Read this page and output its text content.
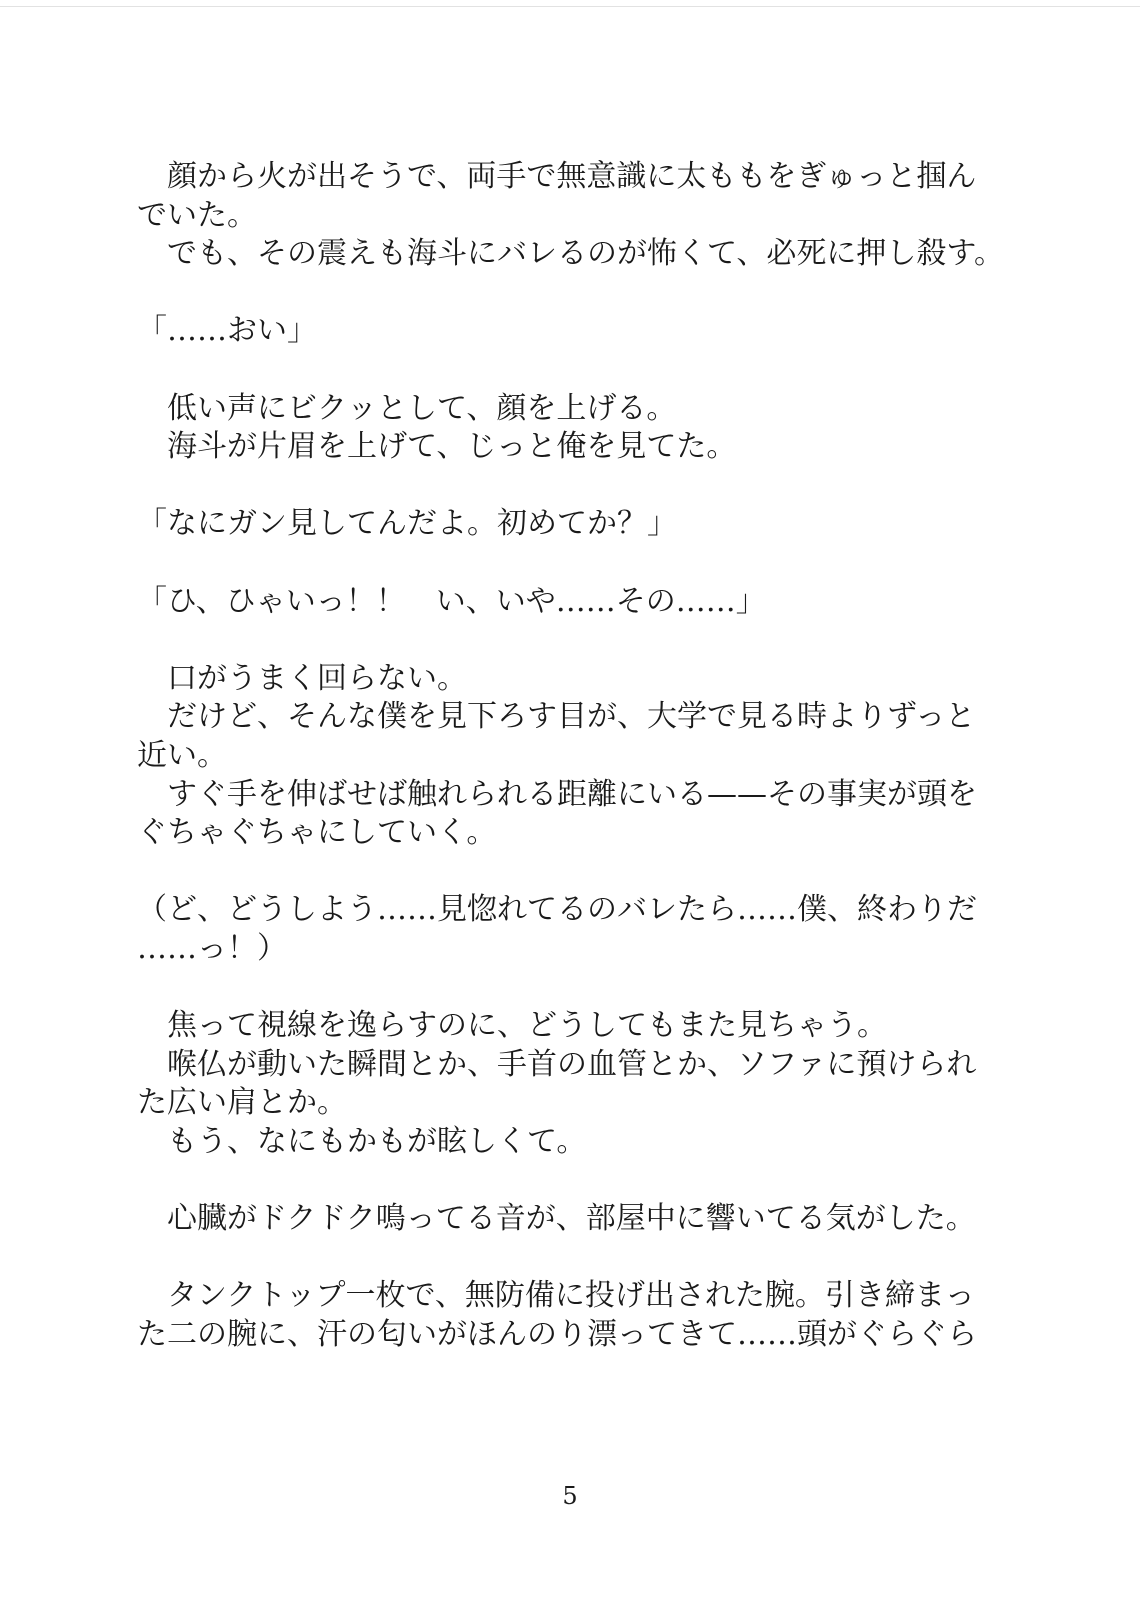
　顔から火が出そうで、両手で無意識に太ももをぎゅっと掴ん
でいた。
　でも、その震えも海斗にバレるのが怖くて、必死に押し殺す。
「……おい」
　低い声にビクッとして、顔を上げる。
　海斗が片眉を上げて、じっと俺を見てた。
「なにガン見してんだよ。初めてか？」
「ひ、ひゃいっ！！　い、いや……その……」
　口がうまく回らない。
　だけど、そんな僕を見下ろす目が、大学で見る時よりずっと
近い。
　すぐ手を伸ばせば触れられる距離にいる——その事実が頭を
ぐちゃぐちゃにしていく。
（ど、どうしよう……見惚れてるのバレたら……僕、終わりだ
……っ！）
　焦って視線を逸らすのに、どうしてもまた見ちゃう。
　喉仏が動いた瞬間とか、手首の血管とか、ソファに預けられ
た広い肩とか。
　もう、なにもかもが眩しくて。
　心臓がドクドク鳴ってる音が、部屋中に響いてる気がした。
　タンクトップ一枚で、無防備に投げ出された腕。引き締まっ
た二の腕に、汗の匂いがほんのり漂ってきて……頭がぐらぐら
5
